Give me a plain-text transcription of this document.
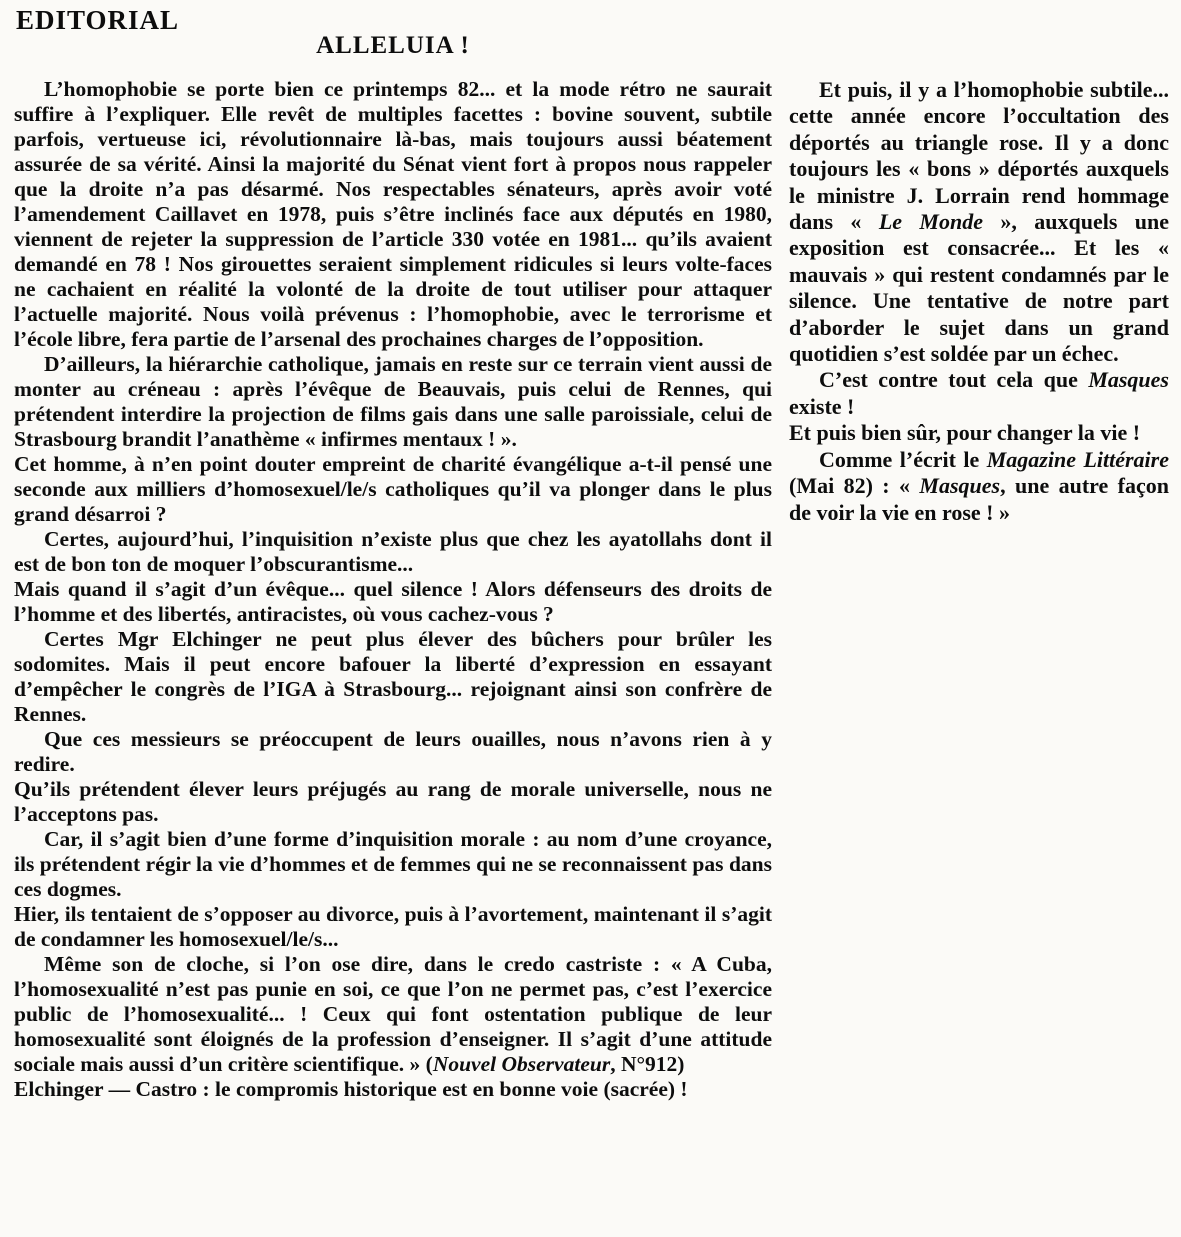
EDITORIAL
ALLELUIA !

L’homophobie se porte bien ce printemps 82... et la mode rétro ne saurait suffire à l’expliquer. Elle revêt de multiples facettes : bovine souvent, subtile parfois, vertueuse ici, révolutionnaire là-bas, mais toujours aussi béatement assurée de sa vérité. Ainsi la majorité du Sénat vient fort à propos nous rappeler que la droite n’a pas désarmé. Nos respectables sénateurs, après avoir voté l’amendement Caillavet en 1978, puis s’être inclinés face aux députés en 1980, viennent de rejeter la suppression de l’article 330 votée en 1981... qu’ils avaient demandé en 78 ! Nos girouettes seraient simplement ridicules si leurs volte-faces ne cachaient en réalité la volonté de la droite de tout utiliser pour attaquer l’actuelle majorité. Nous voilà prévenus : l’homophobie, avec le terrorisme et l’école libre, fera partie de l’arsenal des prochaines charges de l’opposition.

D’ailleurs, la hiérarchie catholique, jamais en reste sur ce terrain vient aussi de monter au créneau : après l’évêque de Beauvais, puis celui de Rennes, qui prétendent interdire la projection de films gais dans une salle paroissiale, celui de Strasbourg brandit l’anathème « infirmes mentaux ! ».

Cet homme, à n’en point douter empreint de charité évangélique a-t-il pensé une seconde aux milliers d’homosexuel/le/s catholiques qu’il va plonger dans le plus grand désarroi ?

Certes, aujourd’hui, l’inquisition n’existe plus que chez les ayatollahs dont il est de bon ton de moquer l’obscurantisme...

Mais quand il s’agit d’un évêque... quel silence ! Alors défenseurs des droits de l’homme et des libertés, antiracistes, où vous cachez-vous ?

Certes Mgr Elchinger ne peut plus élever des bûchers pour brûler les sodomites. Mais il peut encore bafouer la liberté d’expression en essayant d’empêcher le congrès de l’IGA à Strasbourg... rejoignant ainsi son confrère de Rennes.

Que ces messieurs se préoccupent de leurs ouailles, nous n’avons rien à y redire.

Qu’ils prétendent élever leurs préjugés au rang de morale universelle, nous ne l’acceptons pas.

Car, il s’agit bien d’une forme d’inquisition morale : au nom d’une croyance, ils prétendent régir la vie d’hommes et de femmes qui ne se reconnaissent pas dans ces dogmes.

Hier, ils tentaient de s’opposer au divorce, puis à l’avortement, maintenant il s’agit de condamner les homosexuel/le/s...

Même son de cloche, si l’on ose dire, dans le credo castriste : « A Cuba, l’homosexualité n’est pas punie en soi, ce que l’on ne permet pas, c’est l’exercice public de l’homosexualité... ! Ceux qui font ostentation publique de leur homosexualité sont éloignés de la profession d’enseigner. Il s’agit d’une attitude sociale mais aussi d’un critère scientifique. » (Nouvel Observateur, N°912)

Elchinger — Castro : le compromis historique est en bonne voie (sacrée) !

Et puis, il y a l’homophobie subtile... cette année encore l’occultation des déportés au triangle rose. Il y a donc toujours les « bons » déportés auxquels le ministre J. Lorrain rend hommage dans « Le Monde », auxquels une exposition est consacrée... Et les « mauvais » qui restent condamnés par le silence. Une tentative de notre part d’aborder le sujet dans un grand quotidien s’est soldée par un échec.

C’est contre tout cela que Masques existe !

Et puis bien sûr, pour changer la vie !

Comme l’écrit le Magazine Littéraire (Mai 82) : « Masques, une autre façon de voir la vie en rose ! »
